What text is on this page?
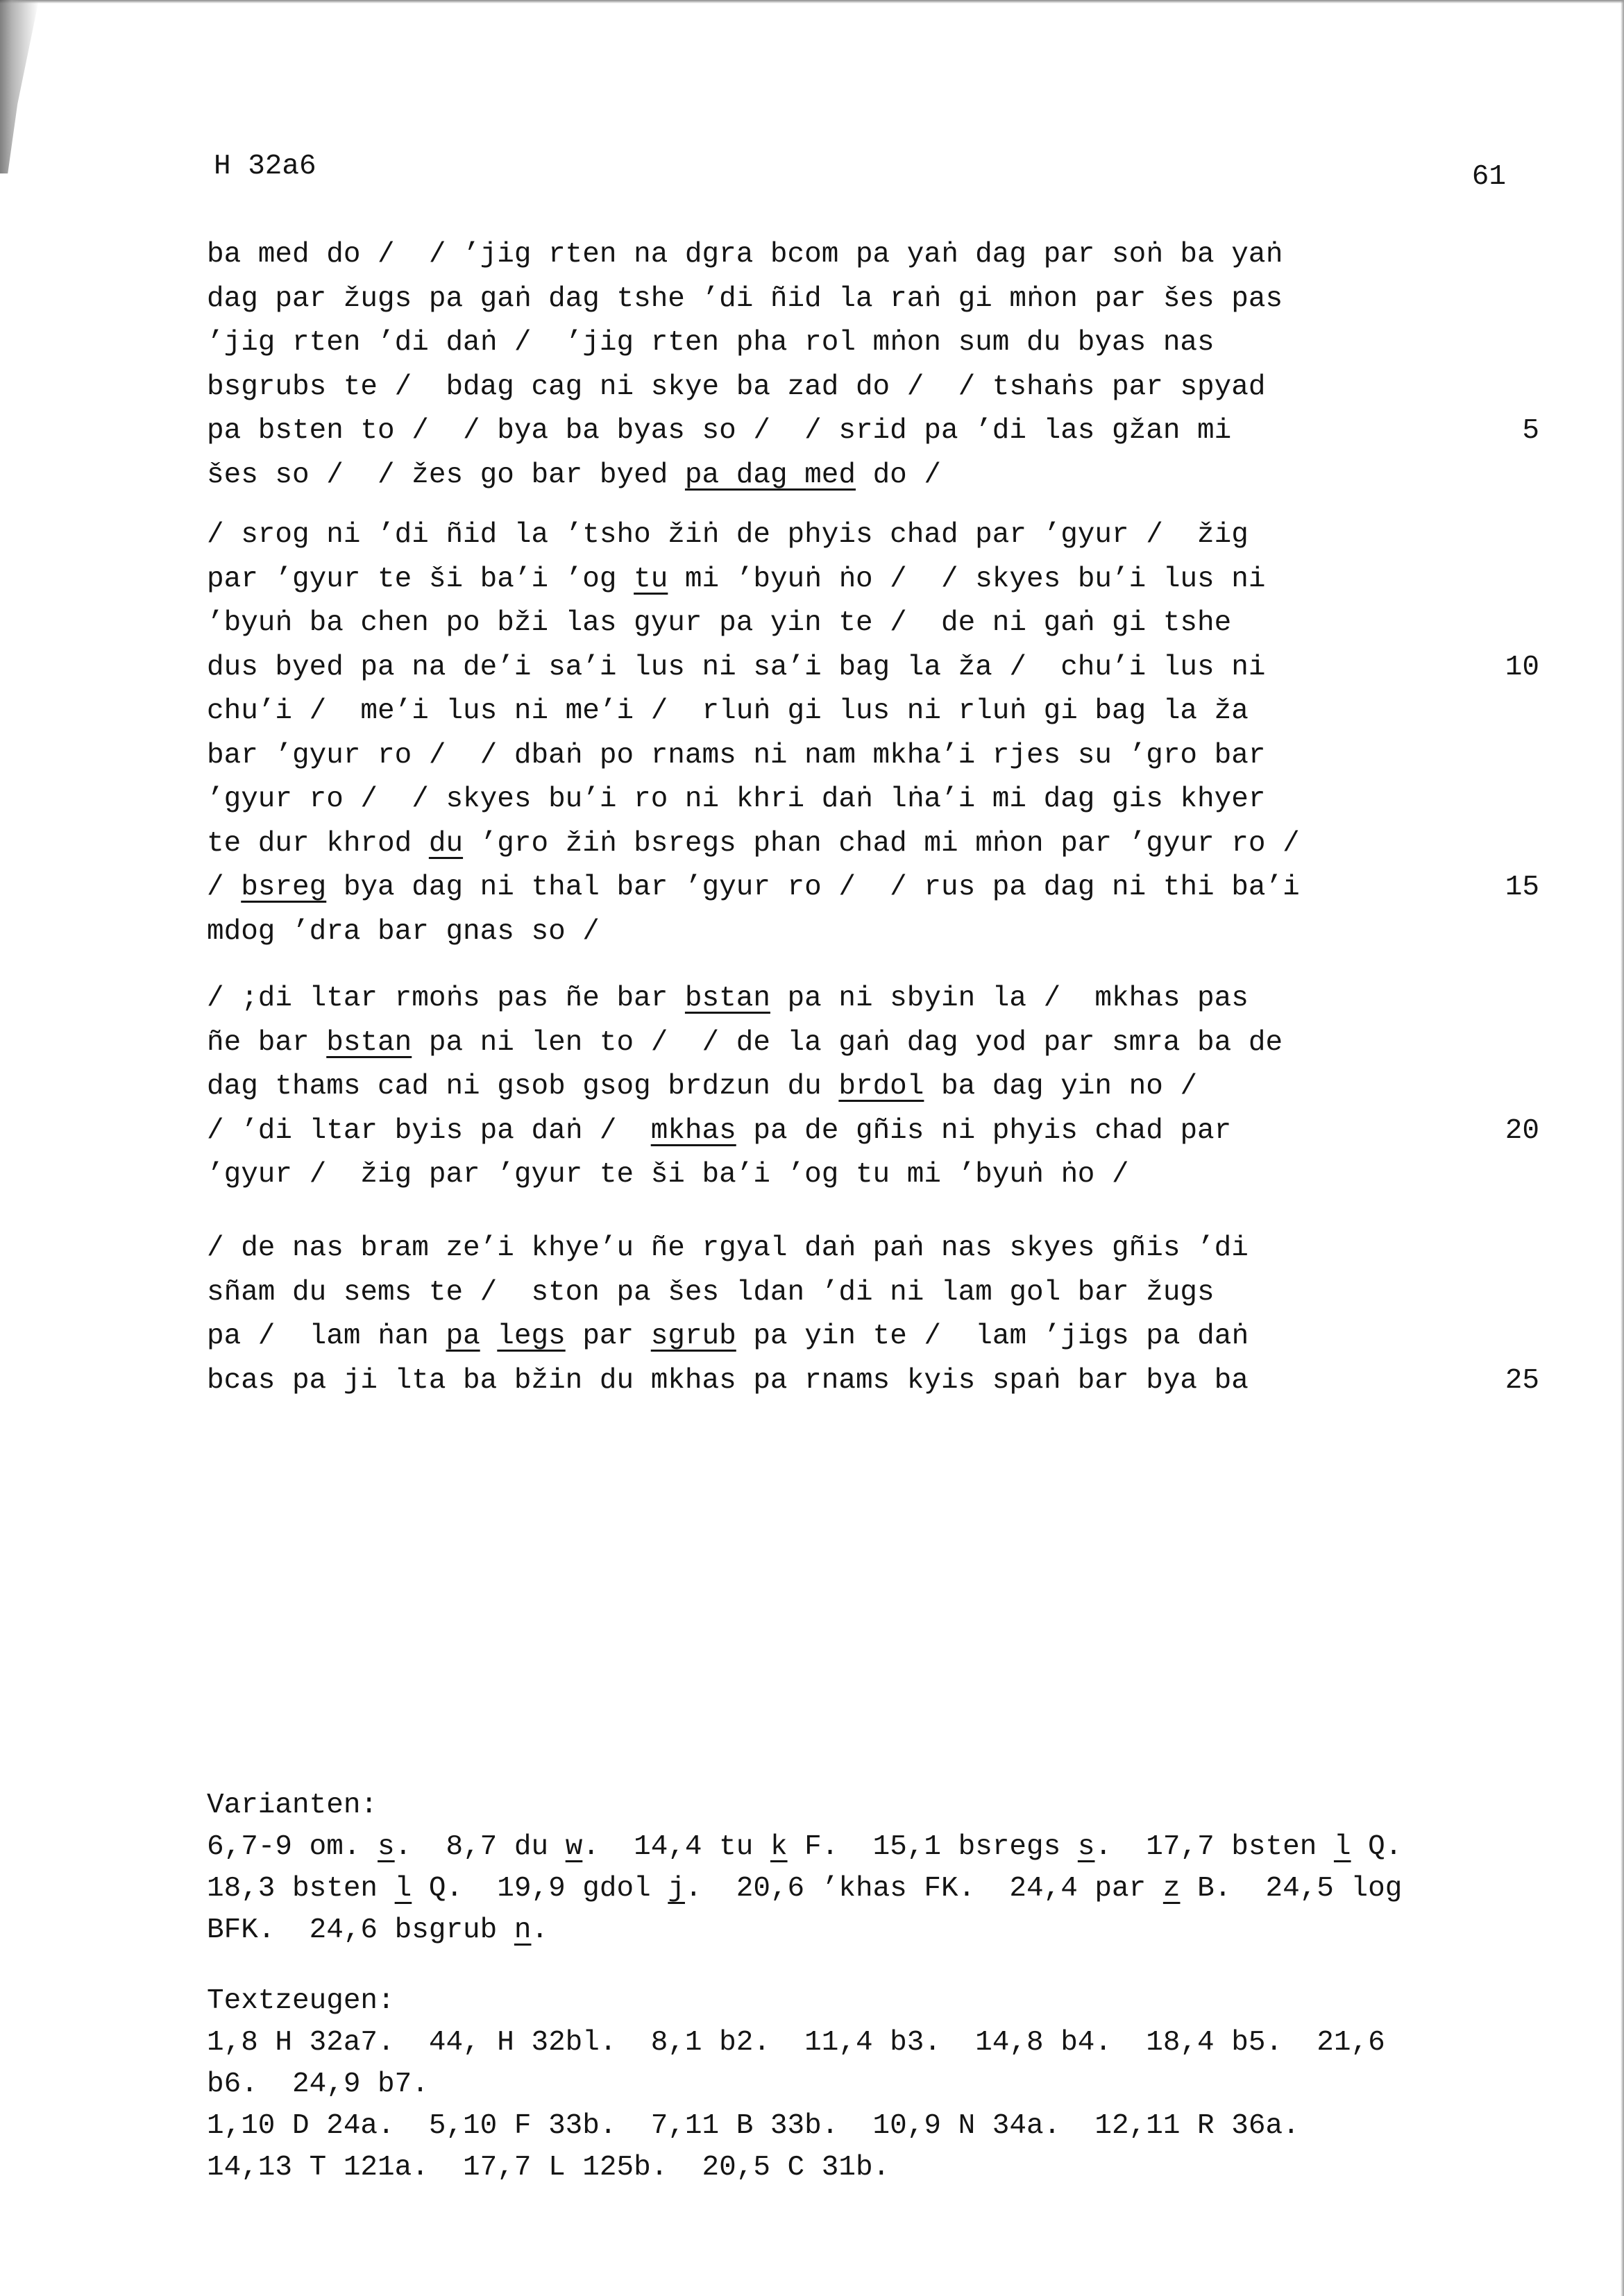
H 32a6	61
ba med do /  / ’jig rten na dgra bcom pa yaṅ dag par soṅ ba yaṅ
dag par žugs pa gaṅ dag tshe ’di ñid la raṅ gi mṅon par šes pas
’jig rten ’di daṅ /  ’jig rten pha rol mṅon sum du byas nas
bsgrubs te /  bdag cag ni skye ba zad do /  / tshaṅs par spyad
pa bsten to /  / bya ba byas so /  / srid pa ’di las gžan mi	5
šes so /  / žes go bar byed pa dag med do /
/ srog ni ’di ñid la ’tsho žiṅ de phyis chad par ’gyur /  žig
par ’gyur te ši ba’i ’og tu mi ’byuṅ ṅo /  / skyes bu’i lus ni
’byuṅ ba chen po bži las gyur pa yin te /  de ni gaṅ gi tshe
dus byed pa na de’i sa’i lus ni sa’i bag la ža /  chu’i lus ni	10
chu’i /  me’i lus ni me’i /  rluṅ gi lus ni rluṅ gi bag la ža
bar ’gyur ro /  / dbaṅ po rnams ni nam mkha’i rjes su ’gro bar
’gyur ro /  / skyes bu’i ro ni khri daṅ lṅa’i mi dag gis khyer
te dur khrod du ’gro žiṅ bsregs phan chad mi mṅon par ’gyur ro /
/ bsreg bya dag ni thal bar ’gyur ro /  / rus pa dag ni thi ba’i	15
mdog ’dra bar gnas so /
/ ;di ltar rmoṅs pas ñe bar bstan pa ni sbyin la /  mkhas pas
ñe bar bstan pa ni len to /  / de la gaṅ dag yod par smra ba de
dag thams cad ni gsob gsog brdzun du brdol ba dag yin no /
/ ’di ltar byis pa daṅ /  mkhas pa de gñis ni phyis chad par	20
’gyur /  žig par ’gyur te ši ba’i ’og tu mi ’byuṅ ṅo /
/ de nas bram ze’i khye’u ñe rgyal daṅ paṅ nas skyes gñis ’di
sñam du sems te /  ston pa šes ldan ’di ni lam gol bar žugs
pa /  lam ṅan pa legs par sgrub pa yin te /  lam ’jigs pa daṅ
bcas pa ji lta ba bžin du mkhas pa rnams kyis spaṅ bar bya ba	25
Varianten:
6,7-9 om. s.  8,7 du w.  14,4 tu k F.  15,1 bsregs s.  17,7 bsten l Q.
18,3 bsten l Q.  19,9 gdol j.  20,6 ’khas FK.  24,4 par z B.  24,5 log
BFK.  24,6 bsgrub n.
Textzeugen:
1,8 H 32a7.  44, H 32bl.  8,1 b2.  11,4 b3.  14,8 b4.  18,4 b5.  21,6
b6.  24,9 b7.
1,10 D 24a.  5,10 F 33b.  7,11 B 33b.  10,9 N 34a.  12,11 R 36a.
14,13 T 121a.  17,7 L 125b.  20,5 C 31b.
